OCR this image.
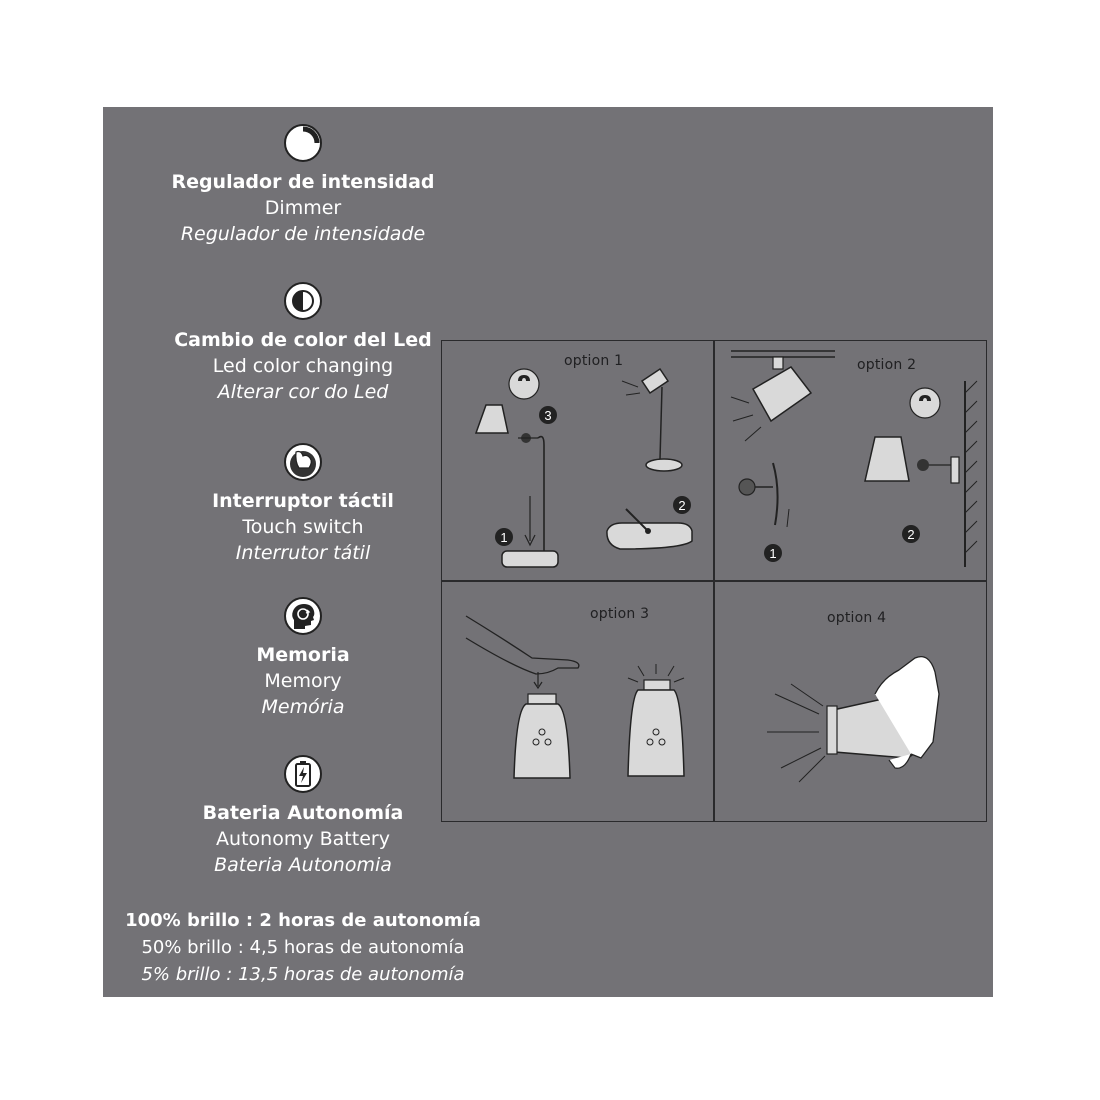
Regulador de intensidad
Dimmer
Regulador de intensidade
Cambio de color del Led
Led color changing
Alterar cor do Led
Interruptor táctil
Touch switch
Interrutor tátil
Memoria
Memory
Memória
Bateria Autonomía
Autonomy Battery
Bateria Autonomia
100% brillo : 2 horas de autonomía
50% brillo : 4,5 horas de autonomía
5% brillo : 13,5 horas de autonomía
option 1
3
1
2
option 2
1
2
option 3	option 4
